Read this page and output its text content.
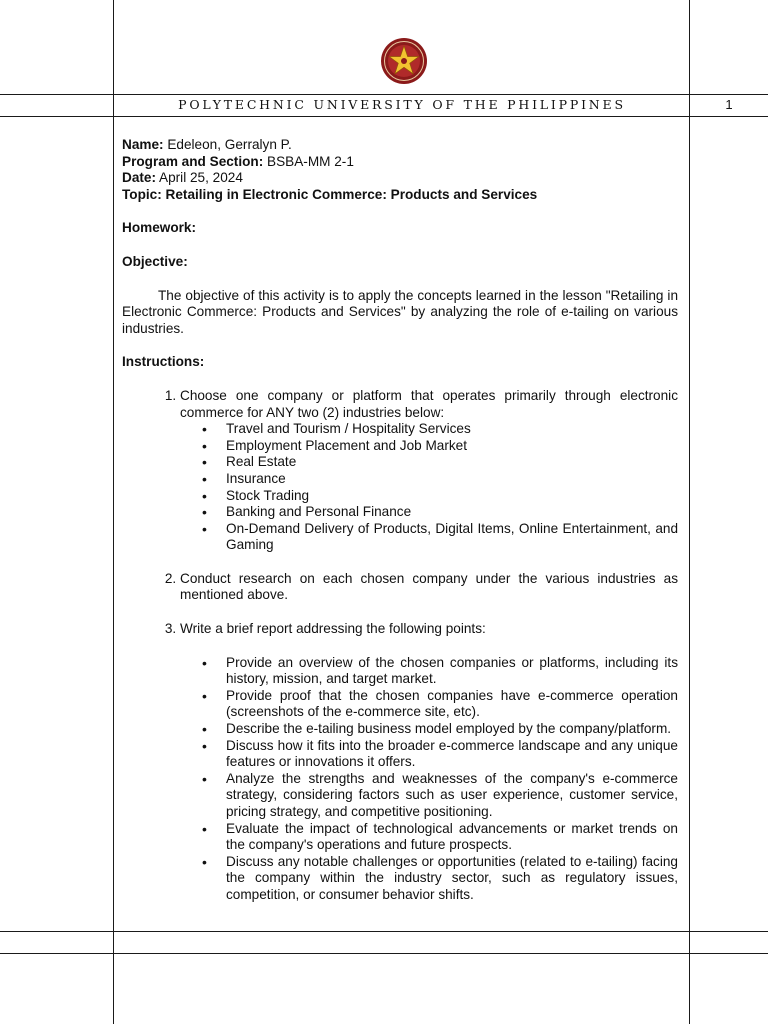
POLYTECHNIC UNIVERSITY OF THE PHILIPPINES	1

Name: Edeleon, Gerralyn P.

Program and Section: BSBA-MM 2-1

Date: April 25, 2024

Topic: Retailing in Electronic Commerce: Products and Services

Homework:

Objective:

The objective of this activity is to apply the concepts learned in the lesson "Retailing in Electronic Commerce: Products and Services" by analyzing the role of e-tailing on various industries.

Instructions:

1. Choose one company or platform that operates primarily through electronic commerce for ANY two (2) industries below:
• Travel and Tourism / Hospitality Services
• Employment Placement and Job Market
• Real Estate
• Insurance
• Stock Trading
• Banking and Personal Finance
• On-Demand Delivery of Products, Digital Items, Online Entertainment, and Gaming
2. Conduct research on each chosen company under the various industries as mentioned above.
3. Write a brief report addressing the following points:
• Provide an overview of the chosen companies or platforms, including its history, mission, and target market.
• Provide proof that the chosen companies have e-commerce operation (screenshots of the e-commerce site, etc).
• Describe the e-tailing business model employed by the company/platform.
• Discuss how it fits into the broader e-commerce landscape and any unique features or innovations it offers.
• Analyze the strengths and weaknesses of the company's e-commerce strategy, considering factors such as user experience, customer service, pricing strategy, and competitive positioning.
• Evaluate the impact of technological advancements or market trends on the company's operations and future prospects.
• Discuss any notable challenges or opportunities (related to e-tailing) facing the company within the industry sector, such as regulatory issues, competition, or consumer behavior shifts.
